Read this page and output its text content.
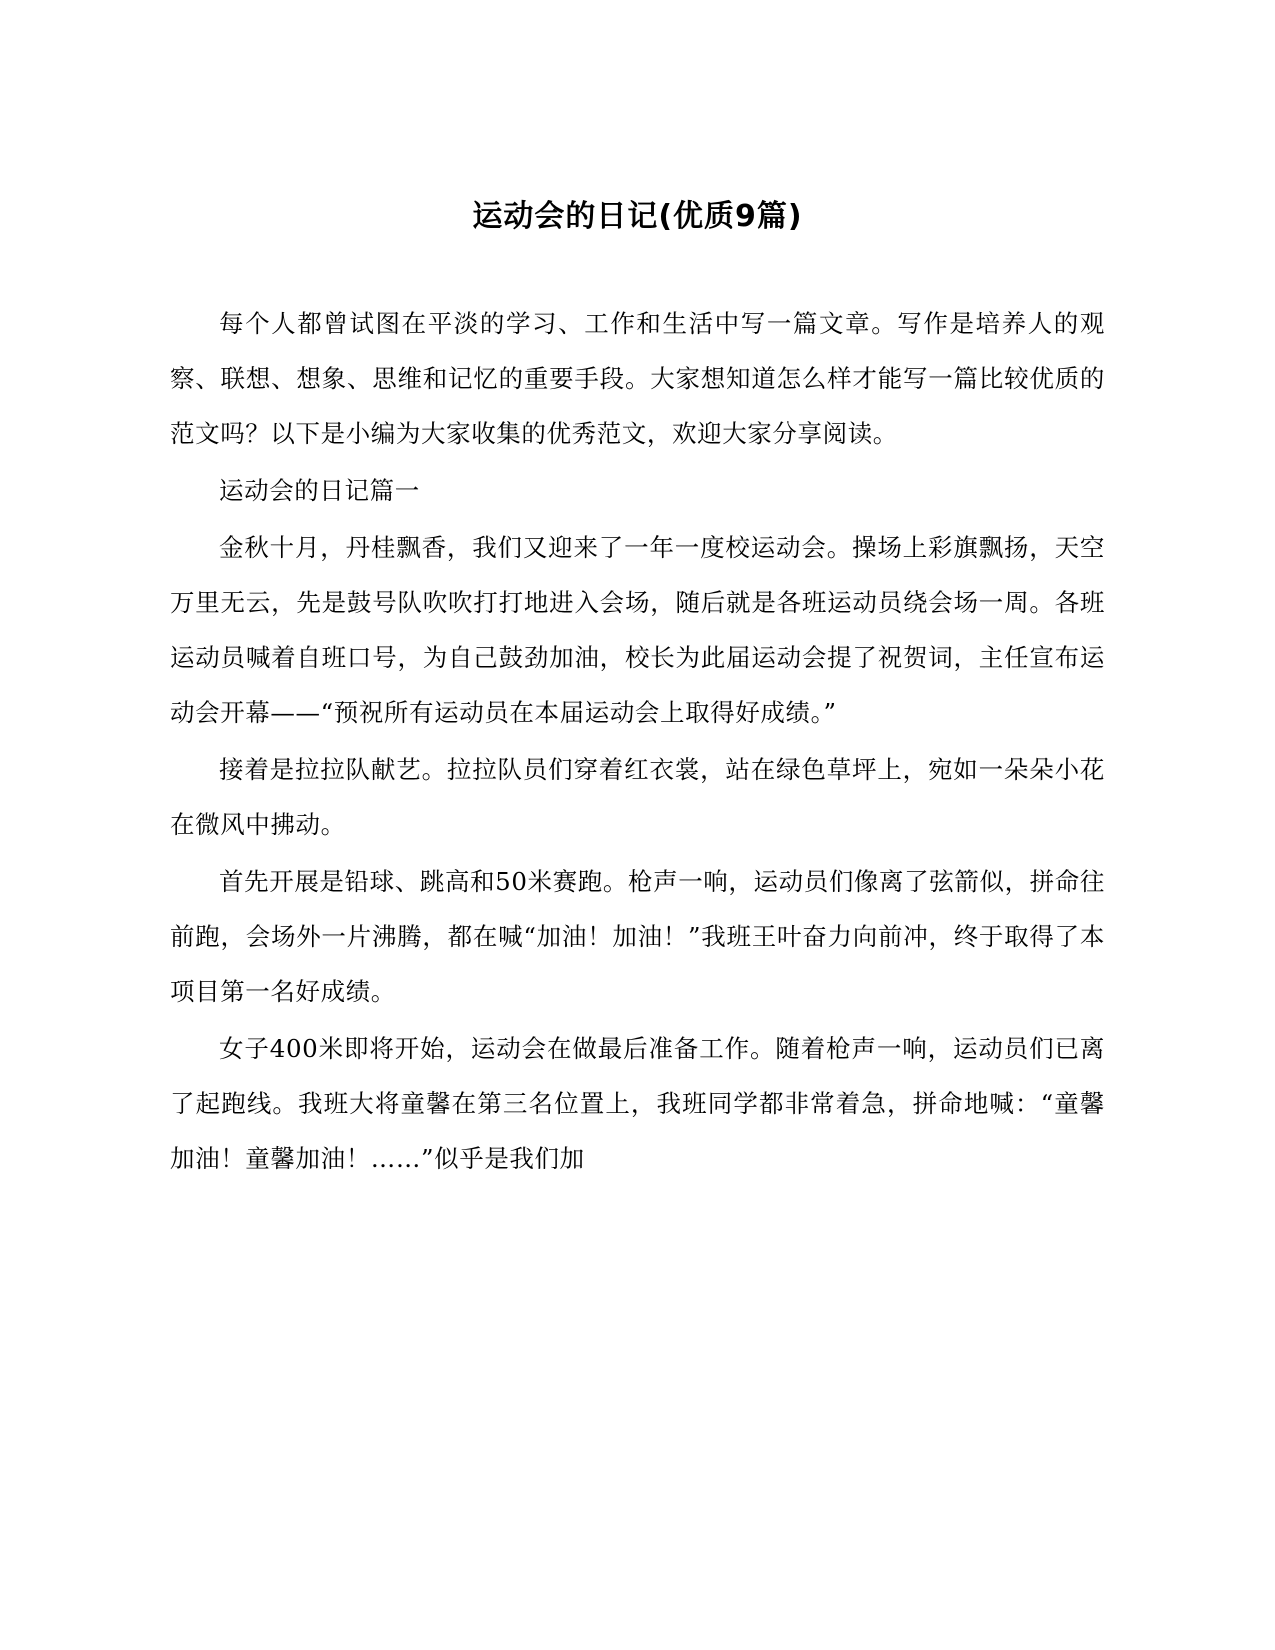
运动会的日记(优质9篇)

每个人都曾试图在平淡的学习、工作和生活中写一篇文章。写作是培养人的观察、联想、想象、思维和记忆的重要手段。大家想知道怎么样才能写一篇比较优质的范文吗？以下是小编为大家收集的优秀范文，欢迎大家分享阅读。

运动会的日记篇一

金秋十月，丹桂飘香，我们又迎来了一年一度校运动会。操场上彩旗飘扬，天空万里无云，先是鼓号队吹吹打打地进入会场，随后就是各班运动员绕会场一周。各班运动员喊着自班口号，为自己鼓劲加油，校长为此届运动会提了祝贺词，主任宣布运动会开幕——“预祝所有运动员在本届运动会上取得好成绩。”

接着是拉拉队献艺。拉拉队员们穿着红衣裳，站在绿色草坪上，宛如一朵朵小花在微风中拂动。

首先开展是铅球、跳高和50米赛跑。枪声一响，运动员们像离了弦箭似，拼命往前跑，会场外一片沸腾，都在喊“加油！加油！”我班王叶奋力向前冲，终于取得了本项目第一名好成绩。

女子400米即将开始，运动会在做最后准备工作。随着枪声一响，运动员们已离了起跑线。我班大将童馨在第三名位置上，我班同学都非常着急，拼命地喊：“童馨加油！童馨加油！……”似乎是我们加
